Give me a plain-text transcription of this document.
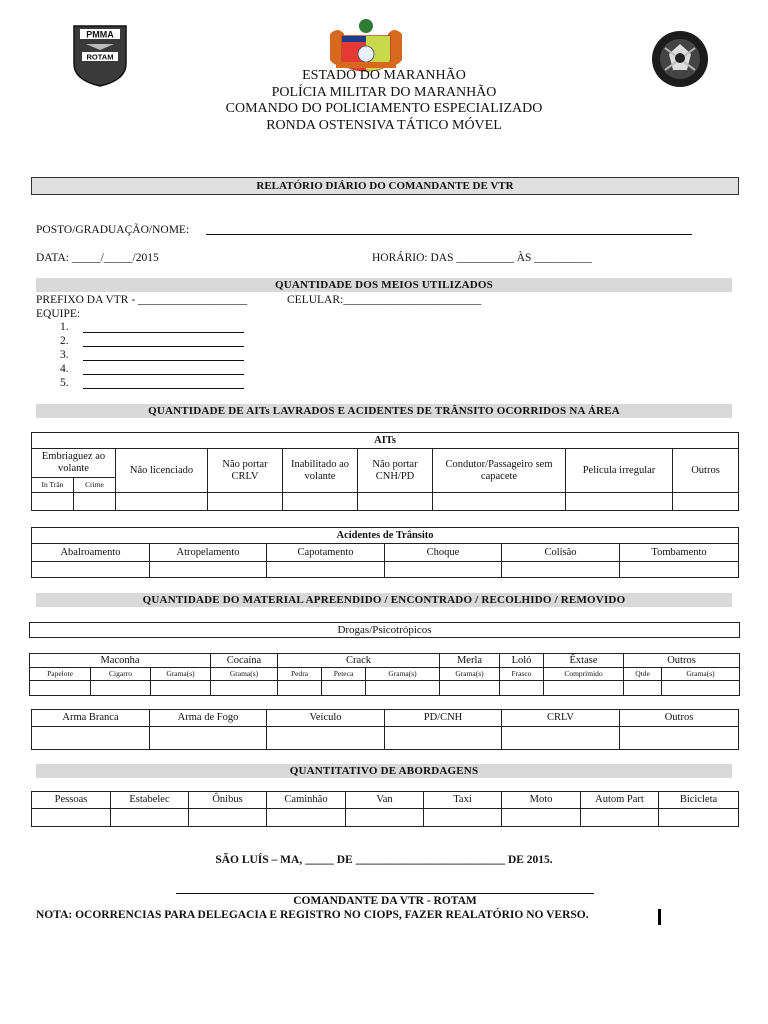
PMMA
ROTAM
ESTADO DO MARANHÃO
POLÍCIA MILITAR DO MARANHÃO
COMANDO DO POLICIAMENTO ESPECIALIZADO
RONDA OSTENSIVA TÁTICO MÓVEL
RELATÓRIO DIÁRIO DO COMANDANTE DE VTR
POSTO/GRADUAÇÃO/NOME:
DATA: _____/_____/2015	HORÁRIO: DAS __________ ÀS __________
QUANTIDADE DOS MEIOS UTILIZADOS
PREFIXO DA VTR - ___________________	CELULAR:________________________
EQUIPE:
1.
2.
3.
4.
5.
QUANTIDADE DE AITs LAVRADOS E ACIDENTES DE TRÂNSITO OCORRIDOS NA ÁREA
AITs								
Embriaguez ao volante		Não licenciado	Não portar CRLV	Inabilitado ao volante	Não portar CNH/PD	Condutor/Passageiro sem capacete	Película irregular	Outros
In Trân	Crime							

Acidentes de Trânsito					
Abalroamento	Atropelamento	Capotamento	Choque	Colisão	Tombamento

QUANTIDADE DO MATERIAL APREENDIDO / ENCONTRADO / RECOLHIDO / REMOVIDO
Drogas/Psicotrópicos
Maconha			Cocaína	Crack			Merla	Loló	Êxtase	Outros	
Papelote	Cigarro	Grama(s)	Grama(s)	Pedra	Peteca	Grama(s)	Grama(s)	Frasco	Comprimido	Qtde	Grama(s)

Arma Branca	Arma de Fogo	Veículo	PD/CNH	CRLV	Outros

QUANTITATIVO DE ABORDAGENS
Pessoas	Estabelec	Ônibus	Caminhão	Van	Taxi	Moto	Autom Part	Bicicleta

SÃO LUÍS – MA, _____ DE __________________________ DE 2015.
COMANDANTE DA VTR - ROTAM
NOTA: OCORRENCIAS PARA DELEGACIA E REGISTRO NO CIOPS, FAZER REALATÓRIO NO VERSO.
